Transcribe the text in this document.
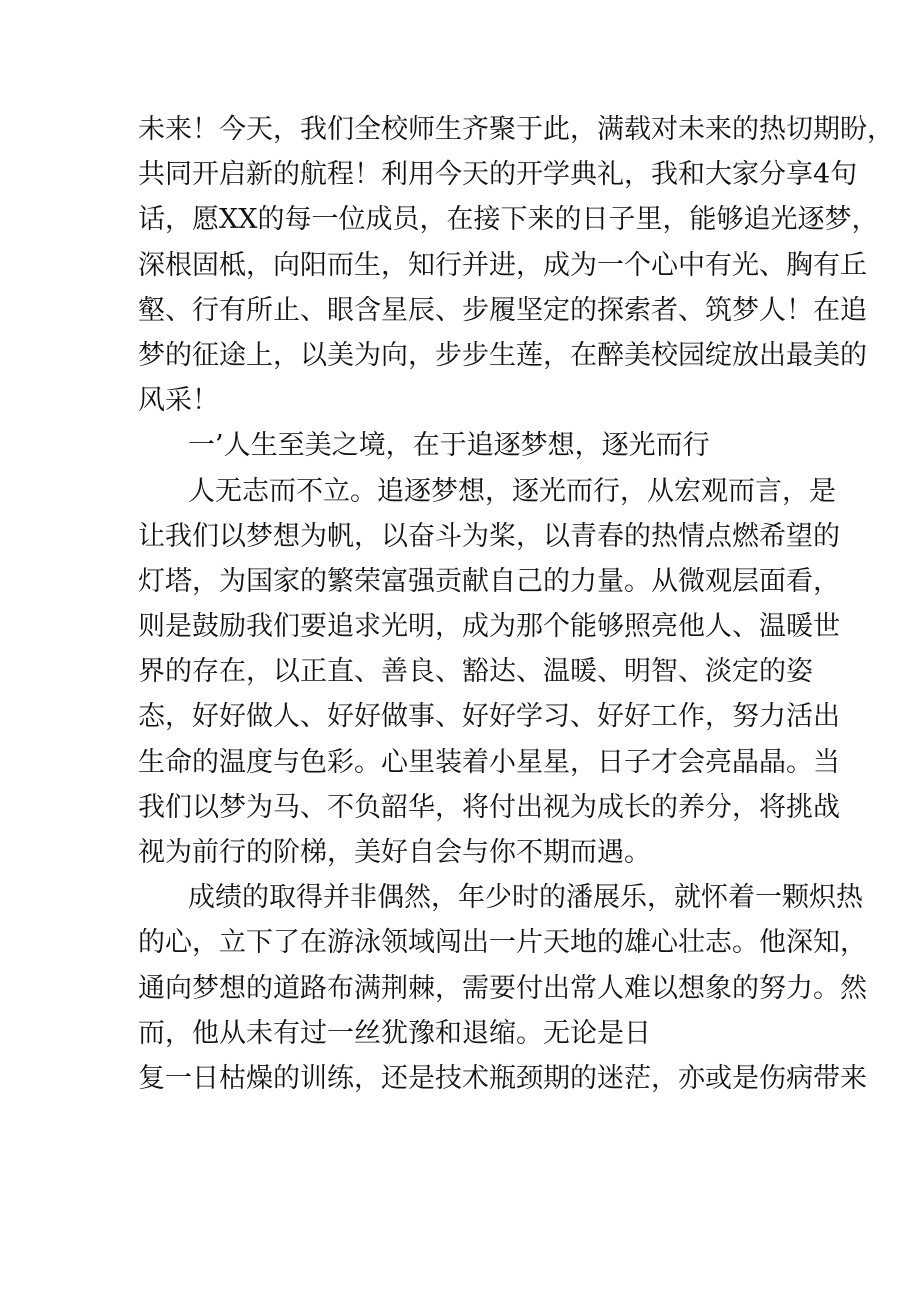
未来！今天，我们全校师生齐聚于此，满载对未来的热切期盼，
共同开启新的航程！利用今天的开学典礼，我和大家分享4句
话，愿XX的每一位成员，在接下来的日子里，能够追光逐梦，
深根固柢，向阳而生，知行并进，成为一个心中有光、胸有丘
壑、行有所止、眼含星辰、步履坚定的探索者、筑梦人！在追
梦的征途上，以美为向，步步生莲，在醉美校园绽放出最美的
风采！
一’人生至美之境，在于追逐梦想，逐光而行
人无志而不立。追逐梦想，逐光而行，从宏观而言，是
让我们以梦想为帆，以奋斗为桨，以青春的热情点燃希望的
灯塔，为国家的繁荣富强贡献自己的力量。从微观层面看，
则是鼓励我们要追求光明，成为那个能够照亮他人、温暖世
界的存在，以正直、善良、豁达、温暖、明智、淡定的姿
态，好好做人、好好做事、好好学习、好好工作，努力活出
生命的温度与色彩。心里装着小星星，日子才会亮晶晶。当
我们以梦为马、不负韶华，将付出视为成长的养分，将挑战
视为前行的阶梯，美好自会与你不期而遇。
成绩的取得并非偶然，年少时的潘展乐，就怀着一颗炽热
的心，立下了在游泳领域闯出一片天地的雄心壮志。他深知，
通向梦想的道路布满荆棘，需要付出常人难以想象的努力。然
而，他从未有过一丝犹豫和退缩。无论是日
复一日枯燥的训练，还是技术瓶颈期的迷茫，亦或是伤病带来
